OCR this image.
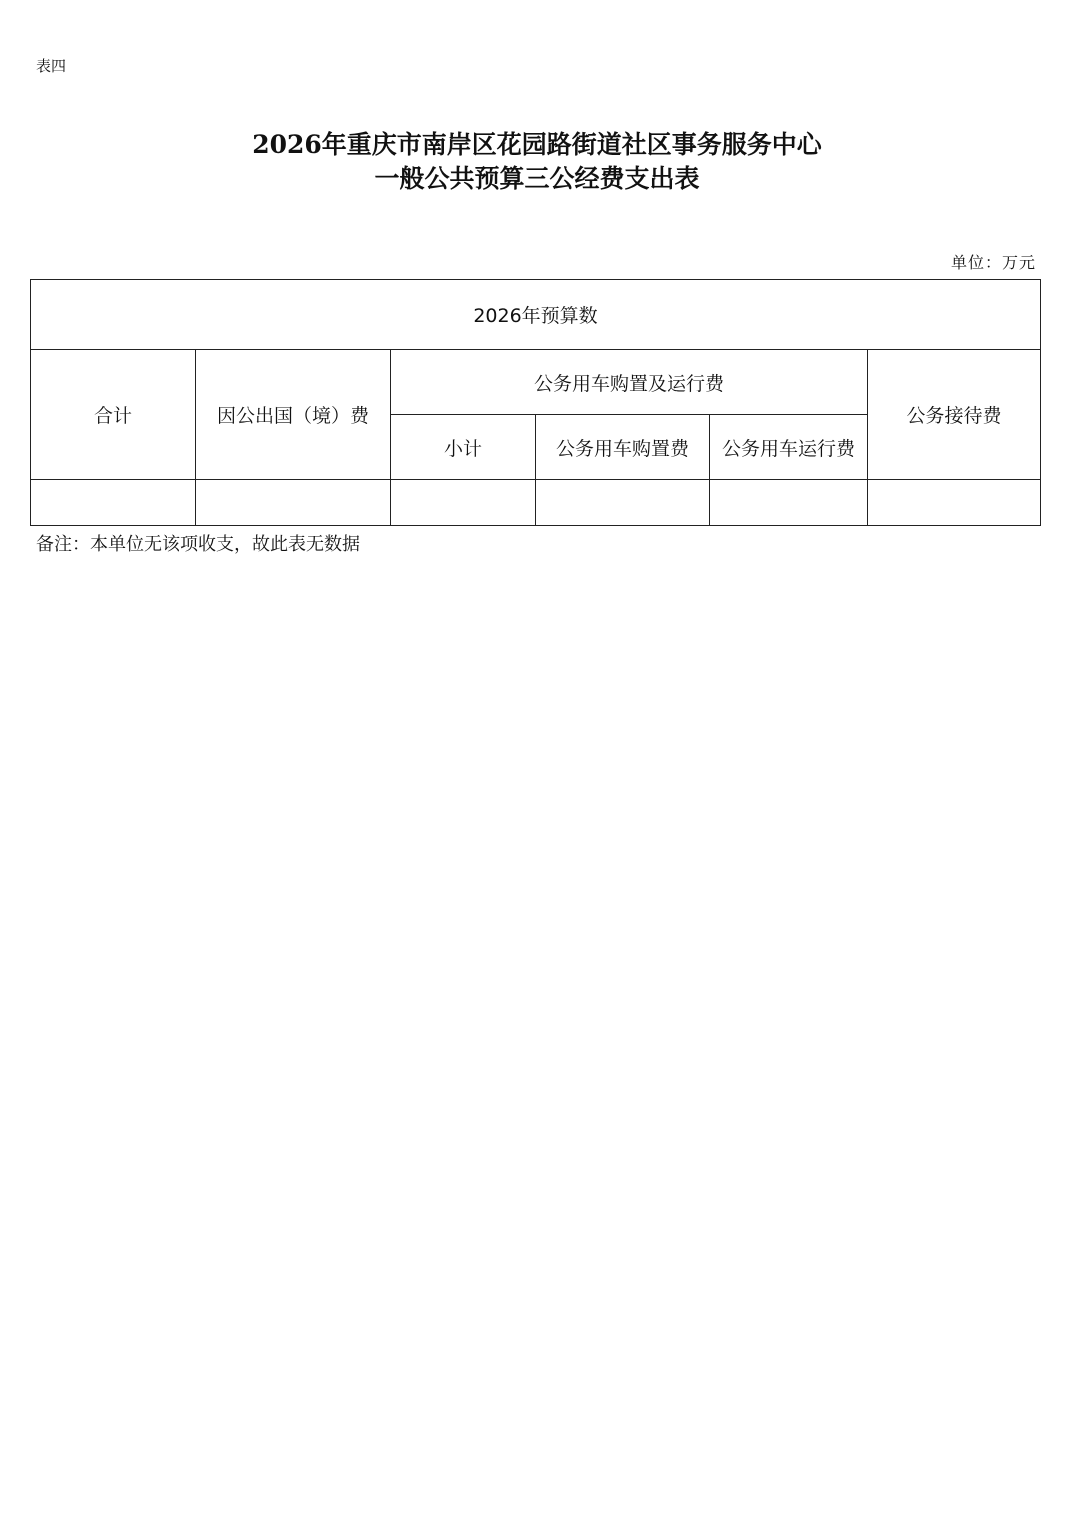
表四
2026年重庆市南岸区花园路街道社区事务服务中心
一般公共预算三公经费支出表
单位：万元
2026年预算数					
合计	因公出国（境）费	公务用车购置及运行费			公务接待费
		小计	公务用车购置费	公务用车运行费	

备注：本单位无该项收支，故此表无数据
